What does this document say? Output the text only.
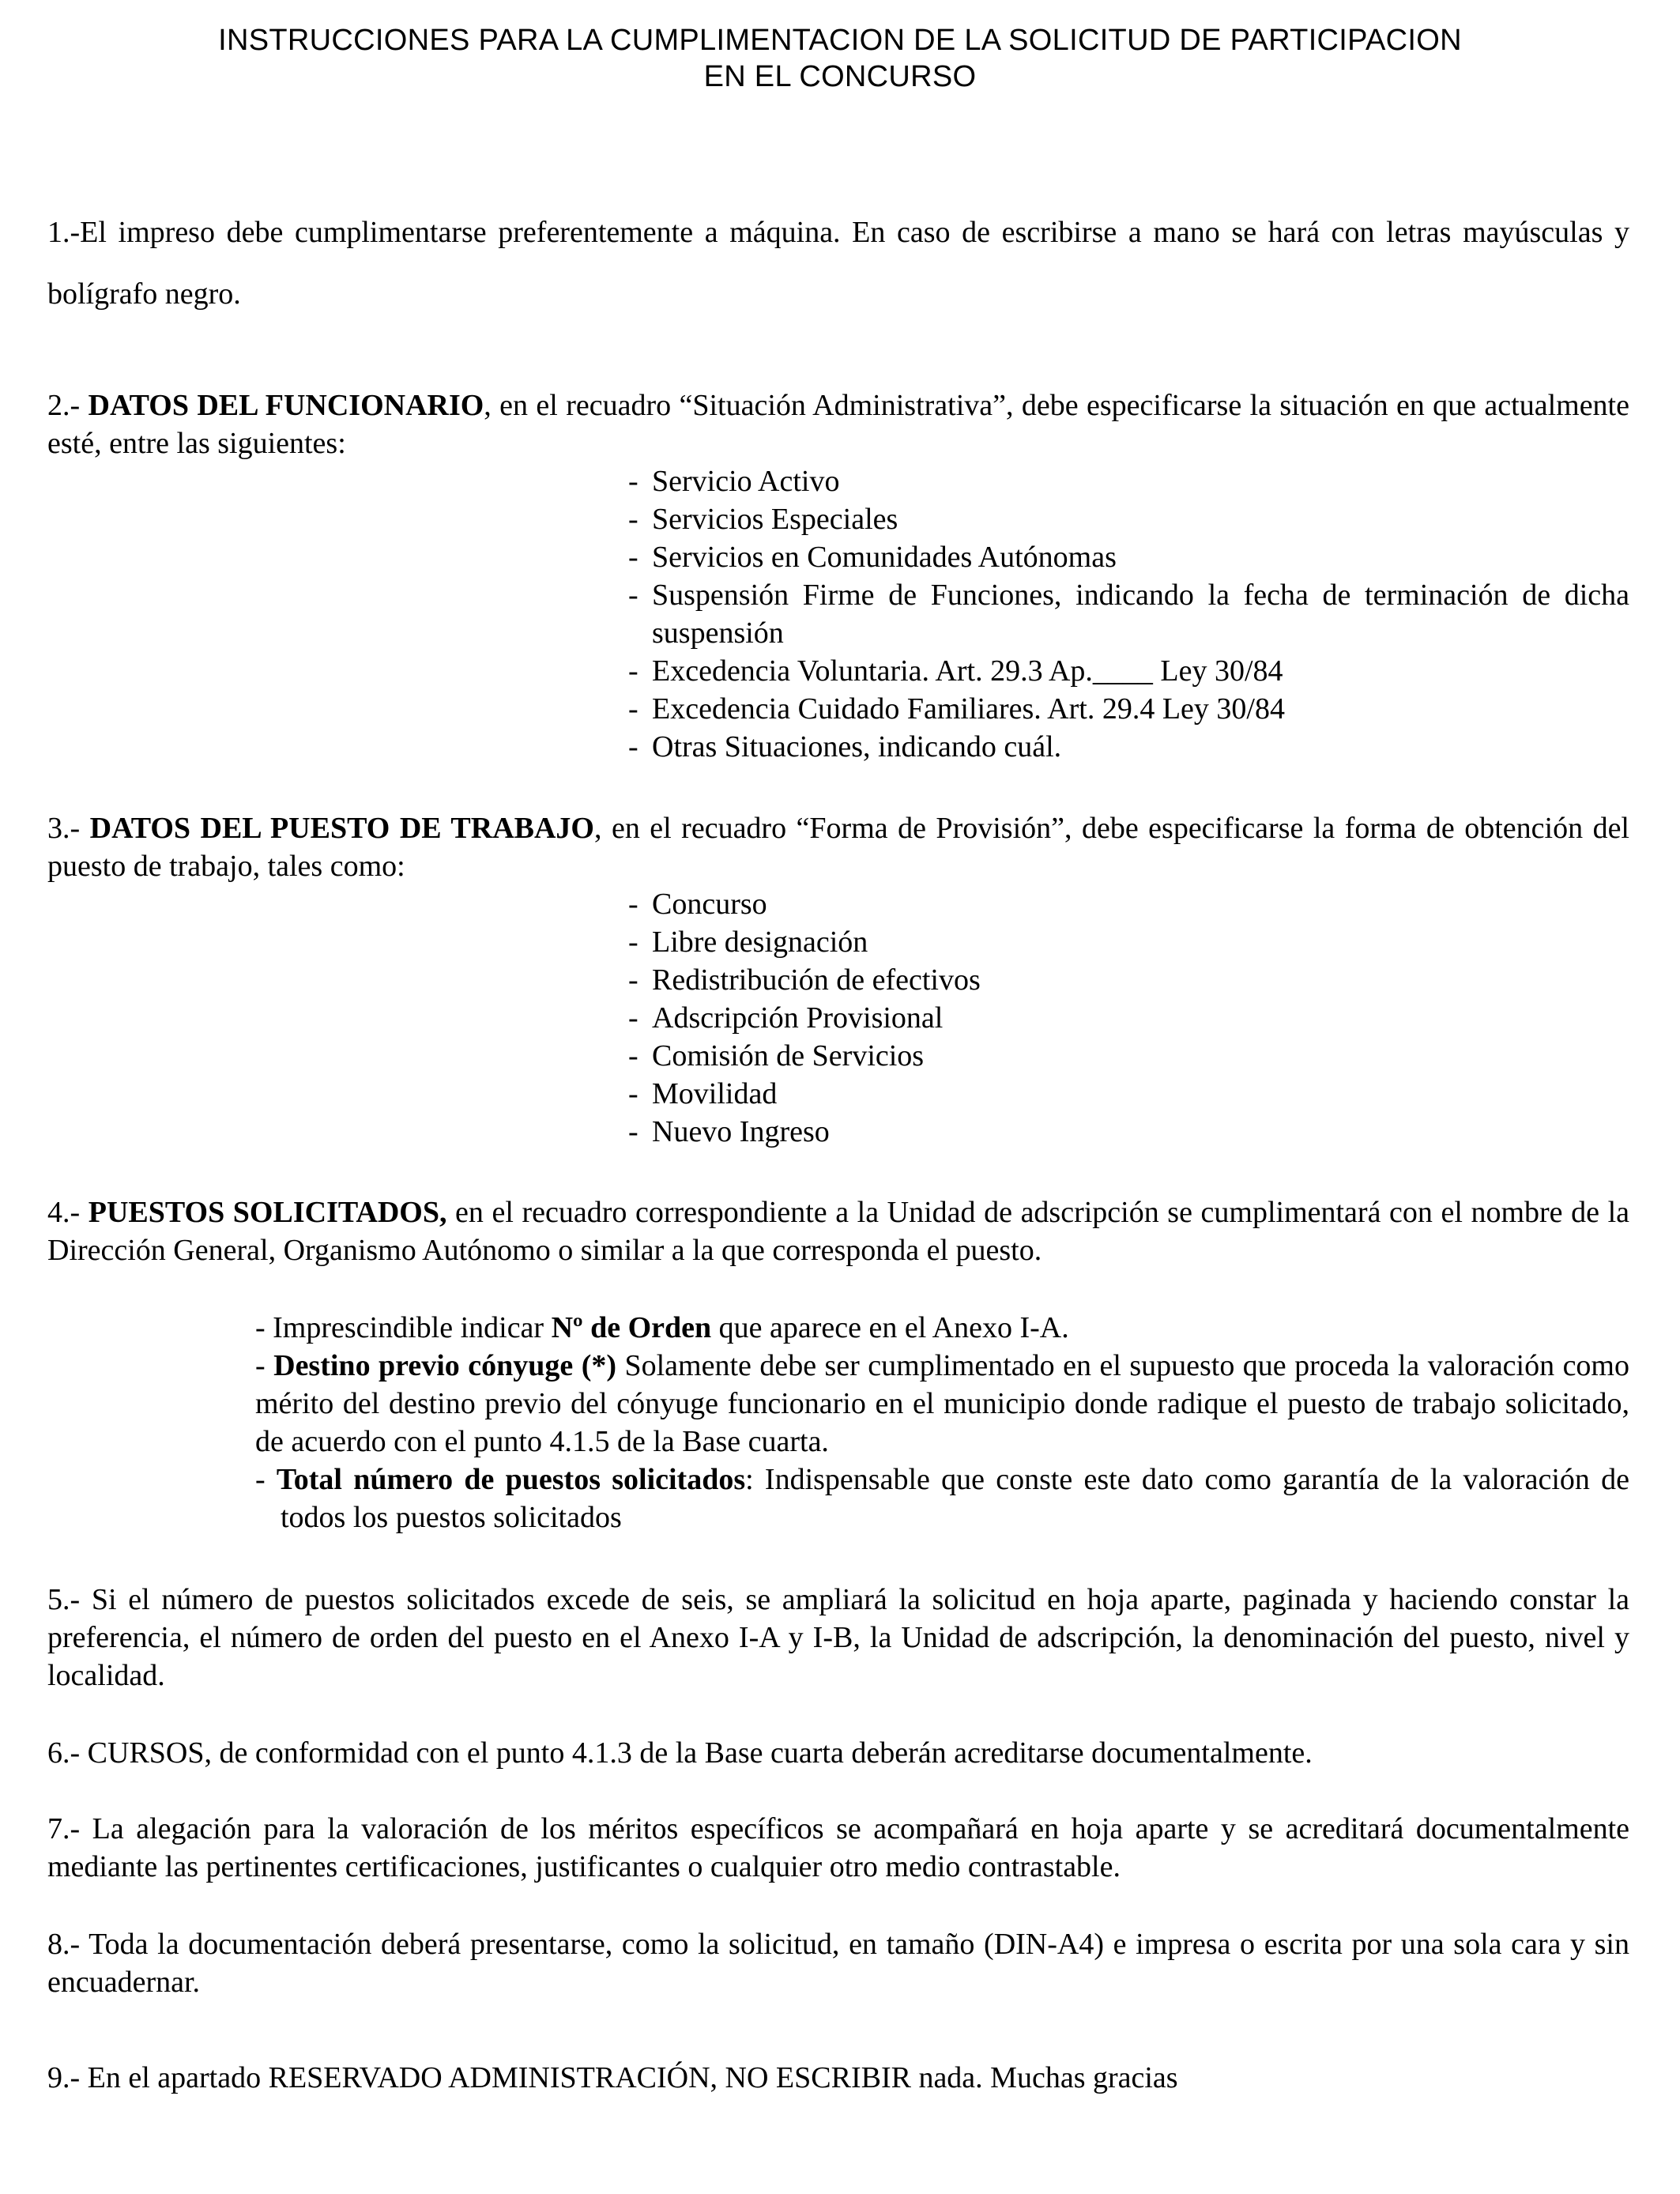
INSTRUCCIONES PARA LA CUMPLIMENTACION DE LA SOLICITUD DE PARTICIPACION
EN EL CONCURSO
1.-El impreso debe cumplimentarse preferentemente a máquina. En caso de escribirse a mano se hará con letras mayúsculas y bolígrafo negro.
2.- DATOS DEL FUNCIONARIO, en el recuadro “Situación Administrativa”, debe especificarse la situación en que actualmente esté, entre las siguientes:
- Servicio Activo
- Servicios Especiales
- Servicios en Comunidades Autónomas
- Suspensión Firme de Funciones, indicando la fecha de terminación de dicha suspensión
- Excedencia Voluntaria. Art. 29.3 Ap.____ Ley 30/84
- Excedencia Cuidado Familiares. Art. 29.4 Ley 30/84
- Otras Situaciones, indicando cuál.
3.- DATOS DEL PUESTO DE TRABAJO, en el recuadro “Forma de Provisión”, debe especificarse la forma de obtención del puesto de trabajo, tales como:
- Concurso
- Libre designación
- Redistribución de efectivos
- Adscripción Provisional
- Comisión de Servicios
- Movilidad
- Nuevo Ingreso
4.- PUESTOS SOLICITADOS, en el recuadro correspondiente a la Unidad de adscripción se cumplimentará con el nombre de la Dirección General, Organismo Autónomo o similar a la que corresponda el puesto.
- Imprescindible indicar Nº de Orden que aparece en el Anexo I-A.
- Destino previo cónyuge (*) Solamente debe ser cumplimentado en el supuesto que proceda la valoración como mérito del destino previo del cónyuge funcionario en el municipio donde radique el puesto de trabajo solicitado, de acuerdo con el punto 4.1.5 de la Base cuarta.
- Total número de puestos solicitados: Indispensable que conste este dato como garantía de la valoración de todos los puestos solicitados
5.- Si el número de puestos solicitados excede de seis, se ampliará la solicitud en hoja aparte, paginada y haciendo constar la preferencia, el número de orden del puesto en el Anexo I-A y I-B, la Unidad de adscripción, la denominación del puesto, nivel y localidad.
6.- CURSOS, de conformidad con el punto 4.1.3 de la Base cuarta deberán acreditarse documentalmente.
7.- La alegación para la valoración de los méritos específicos se acompañará en hoja aparte y se acreditará documentalmente mediante las pertinentes certificaciones, justificantes o cualquier otro medio contrastable.
8.- Toda la documentación deberá presentarse, como la solicitud, en tamaño (DIN-A4) e impresa o escrita por una sola cara y sin encuadernar.
9.- En el apartado RESERVADO ADMINISTRACIÓN, NO ESCRIBIR nada. Muchas gracias
